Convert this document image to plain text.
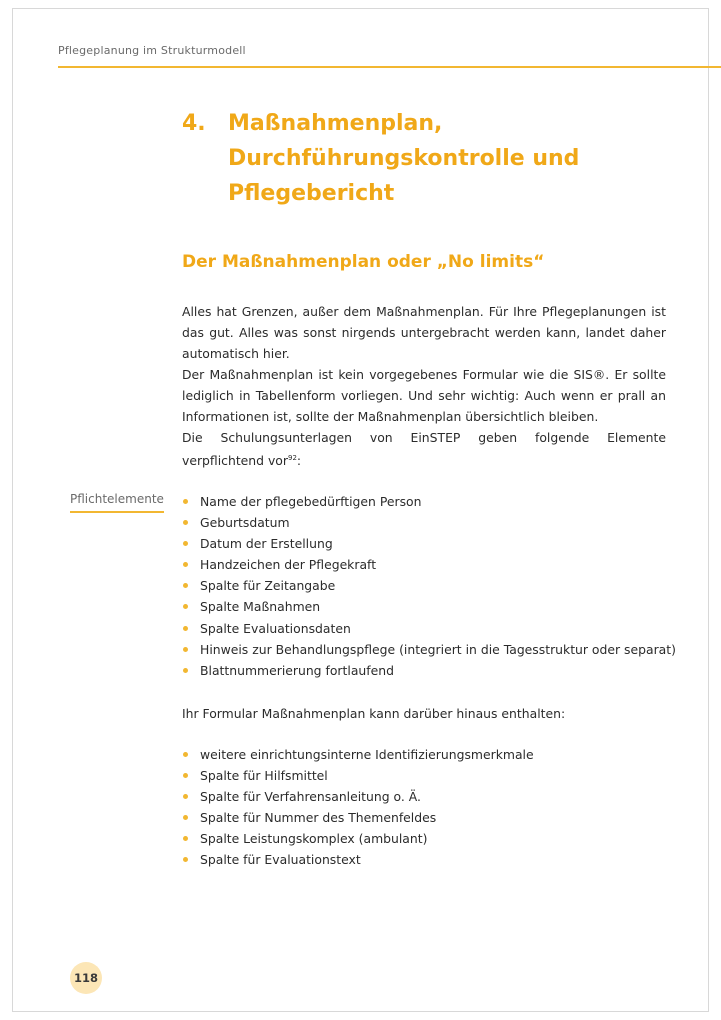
Pflegeplanung im Strukturmodell
4. Maßnahmenplan, Durchführungskontrolle und Pflegebericht
Der Maßnahmenplan oder „No limits“

Alles hat Grenzen, außer dem Maßnahmenplan. Für Ihre Pflegeplanungen ist das gut. Alles was sonst nirgends untergebracht werden kann, landet daher automatisch hier.

Der Maßnahmenplan ist kein vorgegebenes Formular wie die SIS®. Er sollte lediglich in Tabellenform vorliegen. Und sehr wichtig: Auch wenn er prall an Informationen ist, sollte der Maßnahmenplan übersichtlich bleiben.

Die Schulungsunterlagen von EinSTEP geben folgende Elemente verpflichtend vor$^{92}$:

Pflichtelemente	Name der pflegebedürftigen Person
Geburtsdatum
Datum der Erstellung
Handzeichen der Pflegekraft
Spalte für Zeitangabe
Spalte Maßnahmen
Spalte Evaluationsdaten
Hinweis zur Behandlungspflege (integriert in die Tagesstruktur oder separat)
Blattnummerierung fortlaufend
Ihr Formular Maßnahmenplan kann darüber hinaus enthalten:
weitere einrichtungsinterne Identifizierungsmerkmale
Spalte für Hilfsmittel
Spalte für Verfahrensanleitung o. Ä.
Spalte für Nummer des Themenfeldes
Spalte Leistungskomplex (ambulant)
Spalte für Evaluationstext
118
